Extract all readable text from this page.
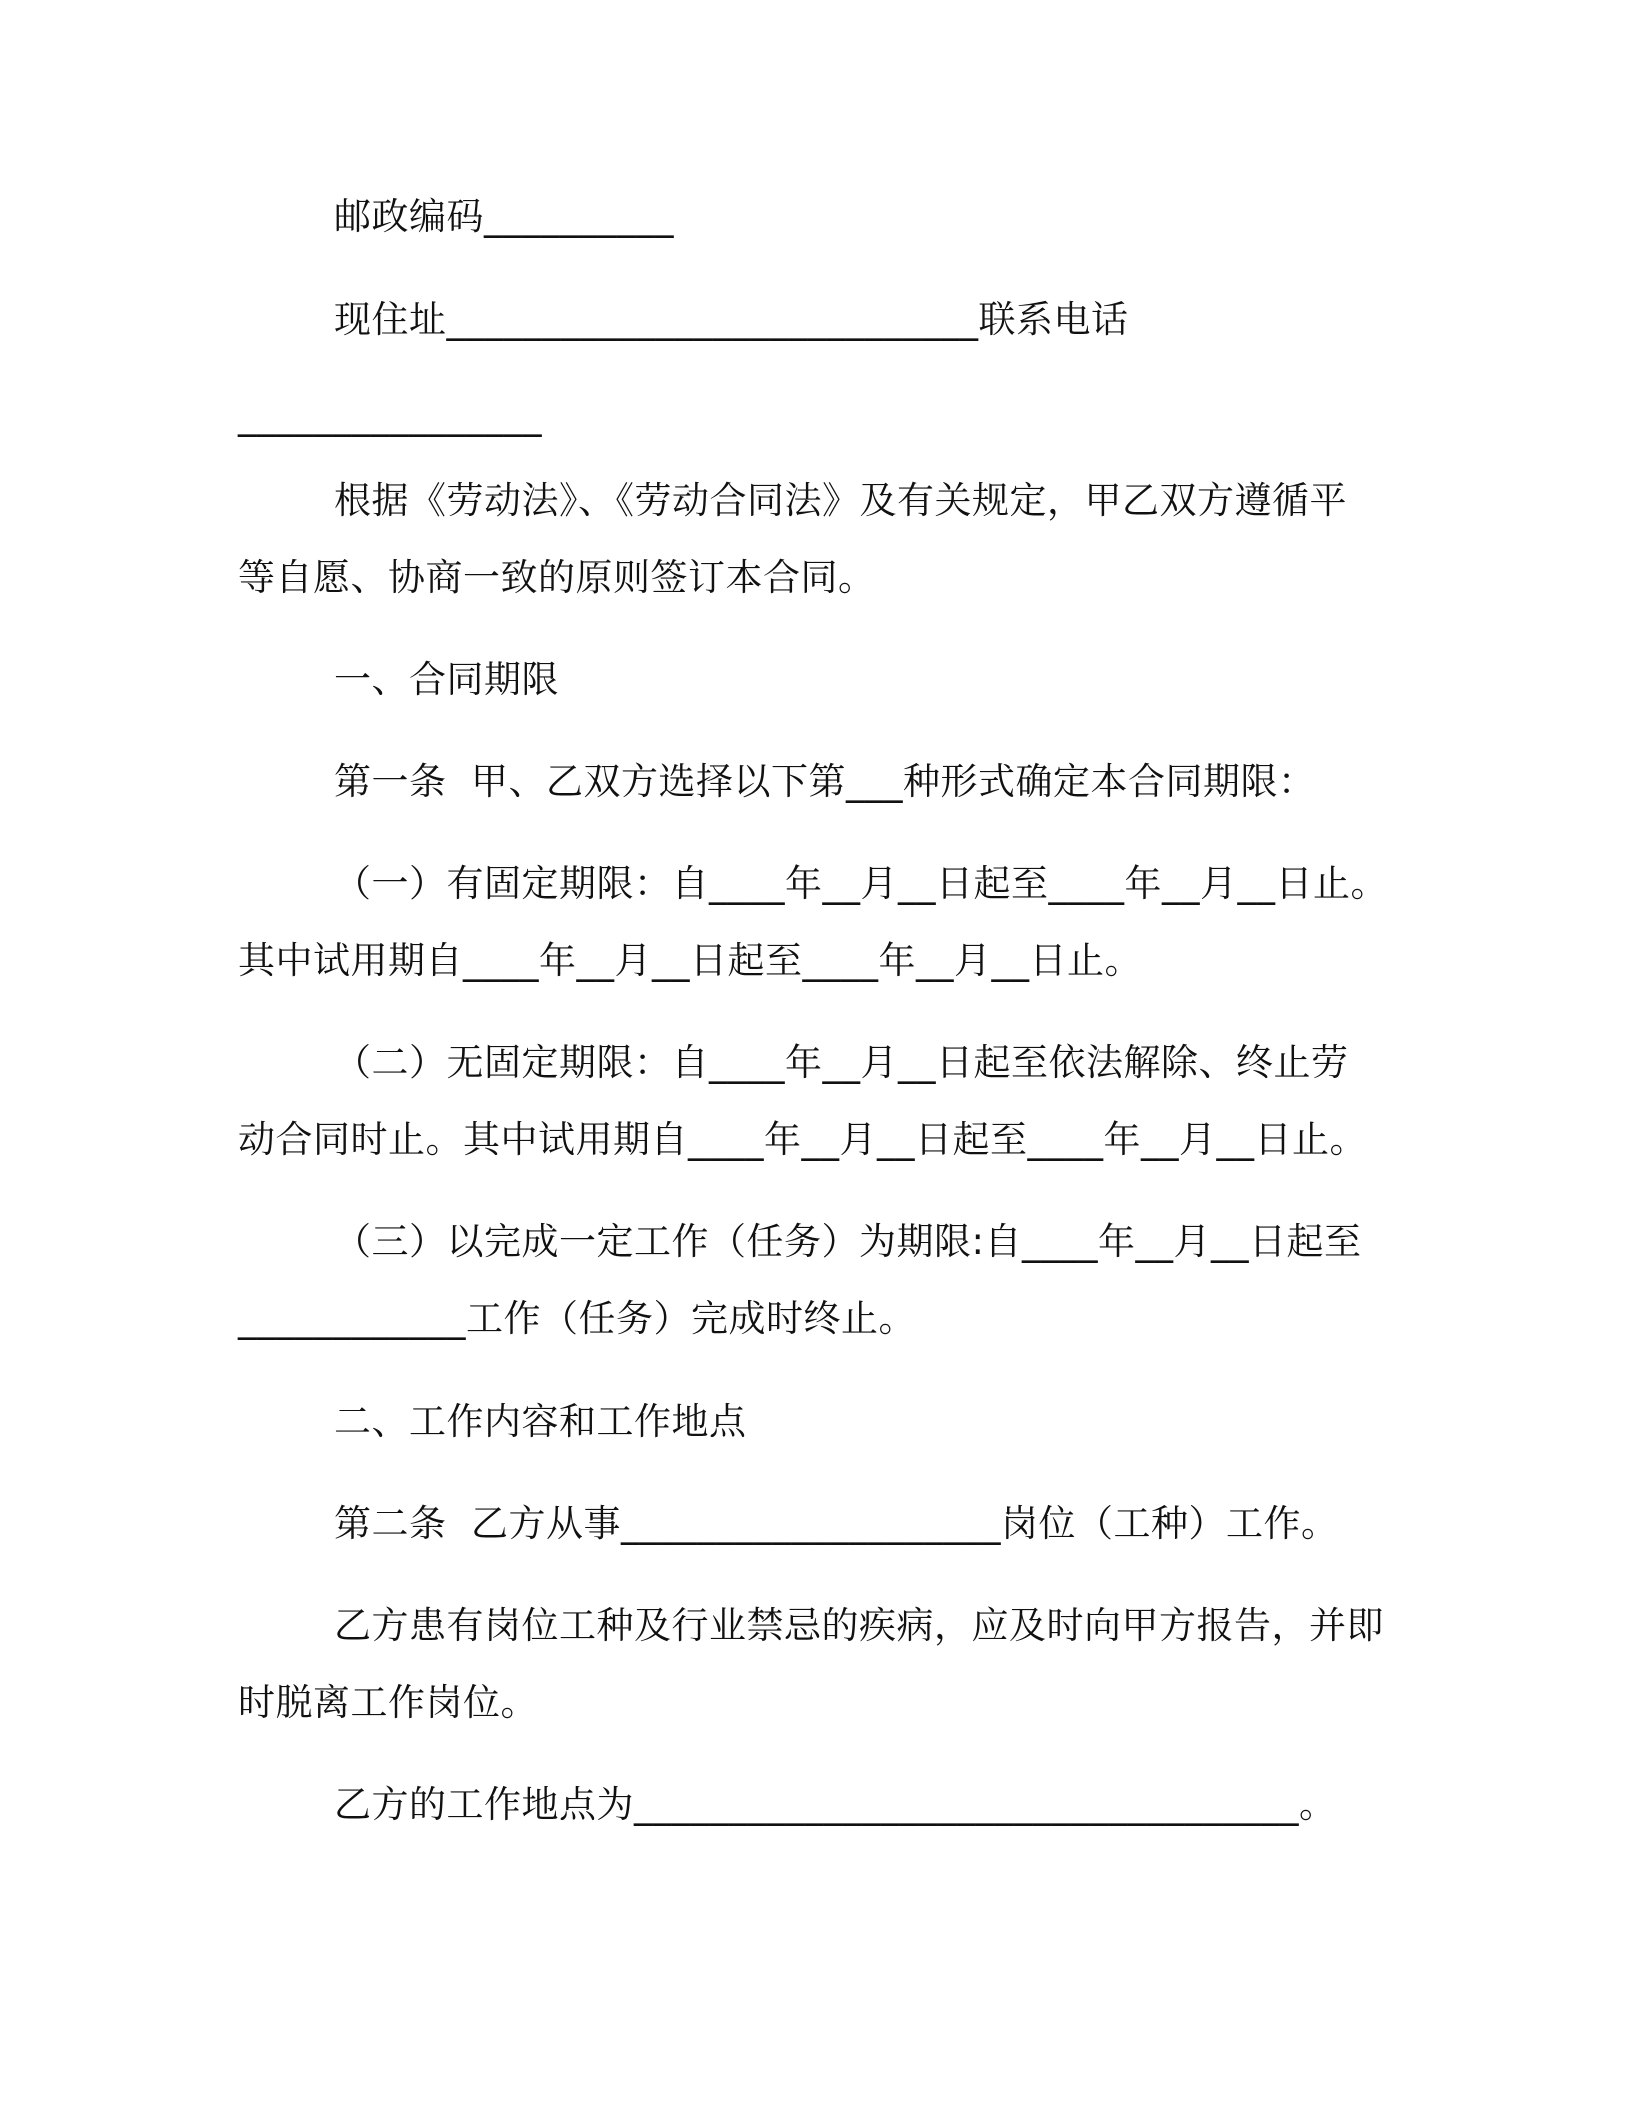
邮政编码__________

现住址____________________________联系电话

________________

根据《劳动法》、《劳动合同法》及有关规定，甲乙双方遵循平

等自愿、协商一致的原则签订本合同。

一、合同期限

第一条  甲、乙双方选择以下第___种形式确定本合同期限：

（一）有固定期限：自____年__月__日起至____年__月__日止。

其中试用期自____年__月__日起至____年__月__日止。

（二）无固定期限：自____年__月__日起至依法解除、终止劳

动合同时止。其中试用期自____年__月__日起至____年__月__日止。

（三）以完成一定工作（任务）为期限:自____年__月__日起至

____________工作（任务）完成时终止。

二、工作内容和工作地点

第二条  乙方从事____________________岗位（工种）工作。

乙方患有岗位工种及行业禁忌的疾病，应及时向甲方报告，并即

时脱离工作岗位。

乙方的工作地点为___________________________________。
